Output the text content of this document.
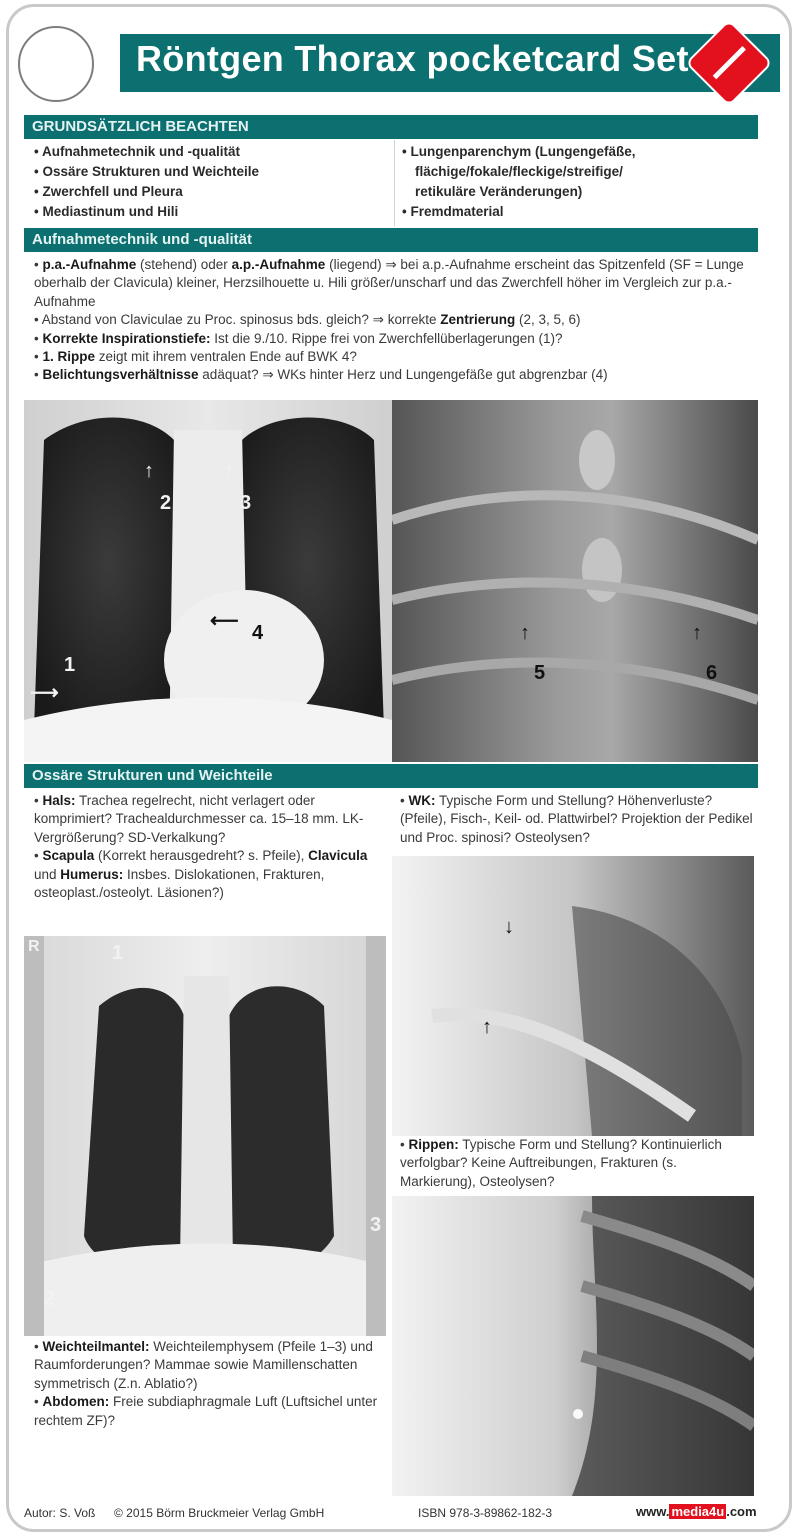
Röntgen Thorax pocketcard Set
GRUNDSÄTZLICH BEACHTEN
• Aufnahmetechnik und -qualität
• Ossäre Strukturen und Weichteile
• Zwerchfell und Pleura
• Mediastinum und Hili
• Lungenparenchym (Lungengefäße,
flächige/fokale/fleckige/streifige/
retikuläre Veränderungen)
• Fremdmaterial
Aufnahmetechnik und -qualität
• p.a.-Aufnahme (stehend) oder a.p.-Aufnahme (liegend) ⇒ bei a.p.-Aufnahme erscheint das Spitzenfeld (SF = Lunge oberhalb der Clavicula) kleiner, Herzsilhouette u. Hili größer/unscharf und das Zwerchfell höher im Vergleich zur p.a.-Aufnahme
• Abstand von Claviculae zu Proc. spinosus bds. gleich? ⇒ korrekte Zentrierung (2, 3, 5, 6)
• Korrekte Inspirationstiefe: Ist die 9./10. Rippe frei von Zwerchfellüberlagerungen (1)?
• 1. Rippe zeigt mit ihrem ventralen Ende auf BWK 4?
• Belichtungsverhältnisse adäquat? ⇒ WKs hinter Herz und Lungengefäße gut abgrenzbar (4)
1
⟶
↑
2
↑
3
⟵
4	↑
5
↑
6
Ossäre Strukturen und Weichteile
• Hals: Trachea regelrecht, nicht verlagert oder komprimiert? Trachealdurchmesser ca. 15–18 mm. LK-Vergrößerung? SD-Verkalkung?
• Scapula (Korrekt herausgedreht? s. Pfeile), Clavicula und Humerus: Insbes. Dislokationen, Frakturen, osteoplast./osteolyt. Läsionen?)
• WK: Typische Form und Stellung? Höhenverluste? (Pfeile), Fisch-, Keil- od. Plattwirbel? Projektion der Pedikel und Proc. spinosi? Osteolysen?
R	1
2
3
↓
↑
• Rippen: Typische Form und Stellung? Kontinuierlich verfolgbar? Keine Auftreibungen, Frakturen (s. Markierung), Osteolysen?
• Weichteilmantel: Weichteilemphysem (Pfeile 1–3) und Raumforderungen? Mammae sowie Mamillenschatten symmetrisch (Z.n. Ablatio?)
• Abdomen: Freie subdiaphragmale Luft (Luftsichel unter rechtem ZF)?
Autor: S. Voß © 2015 Börm Bruckmeier Verlag GmbH	ISBN 978-3-89862-182-3	www. media4u .com
